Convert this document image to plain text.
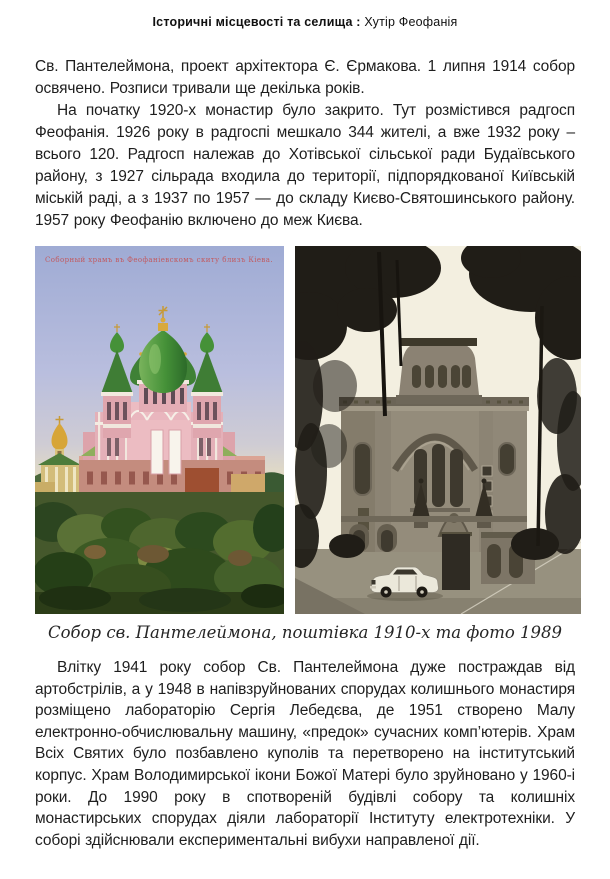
Історичні місцевості та селища : Хутір Феофанія

Св. Пантелеймона, проект архітектора Є. Єрмакова. 1 липня 1914 собор освячено. Розписи тривали ще декілька років.

На початку 1920-х монастир було закрито. Тут розмістився радгосп Феофанія. 1926 року в радгоспі мешкало 344 жителі, а вже 1932 року – всього 120. Радгосп належав до Хотівської сільської ради Будаївського району, з 1927 сільрада входила до території, підпорядкованої Київській міській раді, а з 1937 по 1957 — до складу Києво-Святошинського району. 1957 року Феофанію включено до меж Києва.

Соборный храмъ въ Феофаніевскомъ скиту близъ Кіева.
Собор св. Пантелеймона, поштівка 1910-х та фото 1989

Влітку 1941 року собор Св. Пантелеймона дуже постраждав від артобстрілів, а у 1948 в напівзруйнованих спорудах колишнього монастиря розміщено лабораторію Сергія Лебедєва, де 1951 створено Малу електронно-обчислювальну машину, «предок» сучасних комп’ютерів. Храм Всіх Святих було позбавлено куполів та перетворено на інститутський корпус. Храм Володимирської ікони Божої Матері було зруйновано у 1960-і роки. До 1990 року в спотвореній будівлі собору та колишніх монастирських спорудах діяли лабораторії Інституту електротехніки. У соборі здійснювали експериментальні вибухи направленої дії.
